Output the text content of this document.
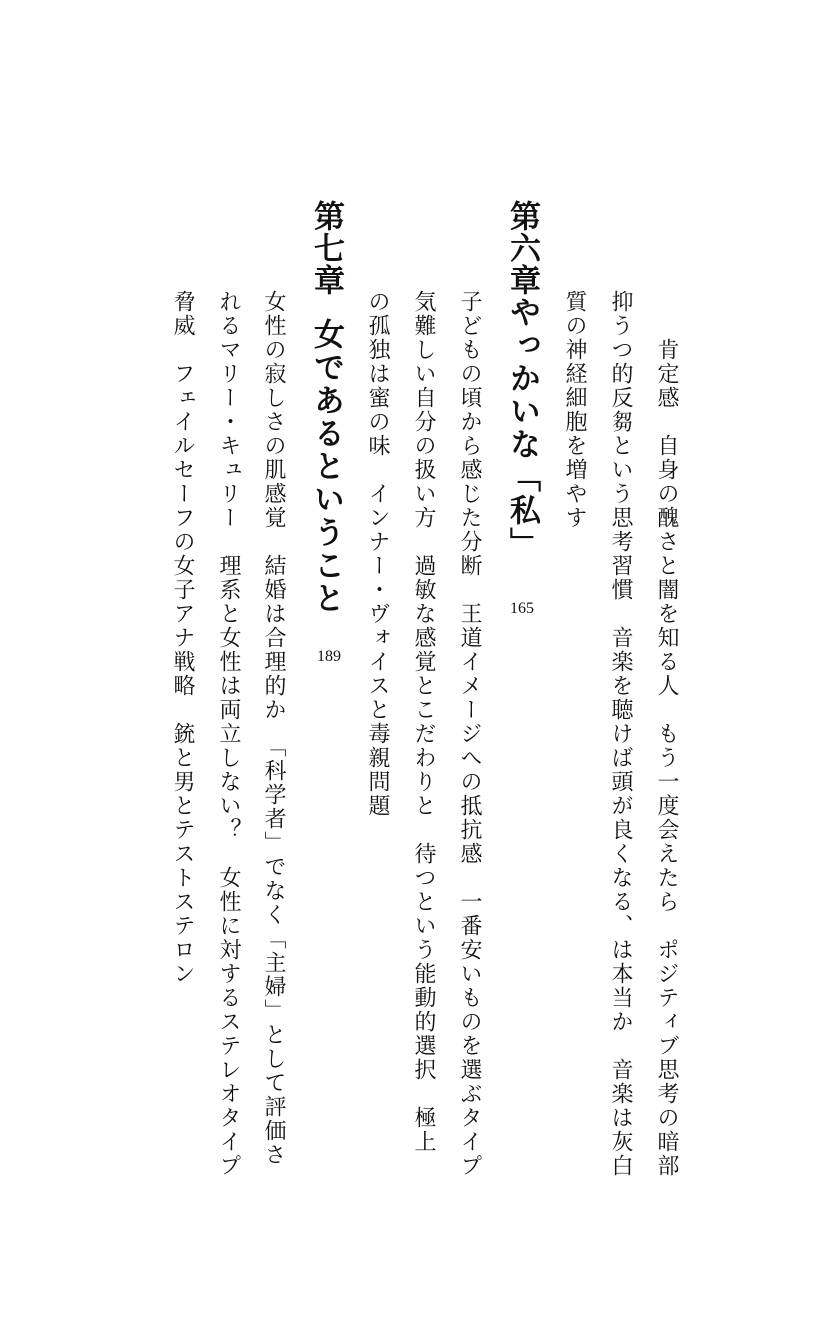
肯定感　自身の醜さと闇を知る人　もう一度会えたら　ポジティブ思考の暗部
抑うつ的反芻という思考習慣　音楽を聴けば頭が良くなる、は本当か　音楽は灰白
質の神経細胞を増やす
第六章
やっかいな「私」
165
子どもの頃から感じた分断　王道イメージへの抵抗感　一番安いものを選ぶタイプ
気難しい自分の扱い方　過敏な感覚とこだわりと　待つという能動的選択　極上
の孤独は蜜の味　インナー・ヴォイスと毒親問題
第七章
女であるということ
189
女性の寂しさの肌感覚　結婚は合理的か　「科学者」でなく「主婦」として評価さ
れるマリー・キュリー　理系と女性は両立しない？　女性に対するステレオタイプ
脅威　フェイルセーフの女子アナ戦略　銃と男とテストステロン
